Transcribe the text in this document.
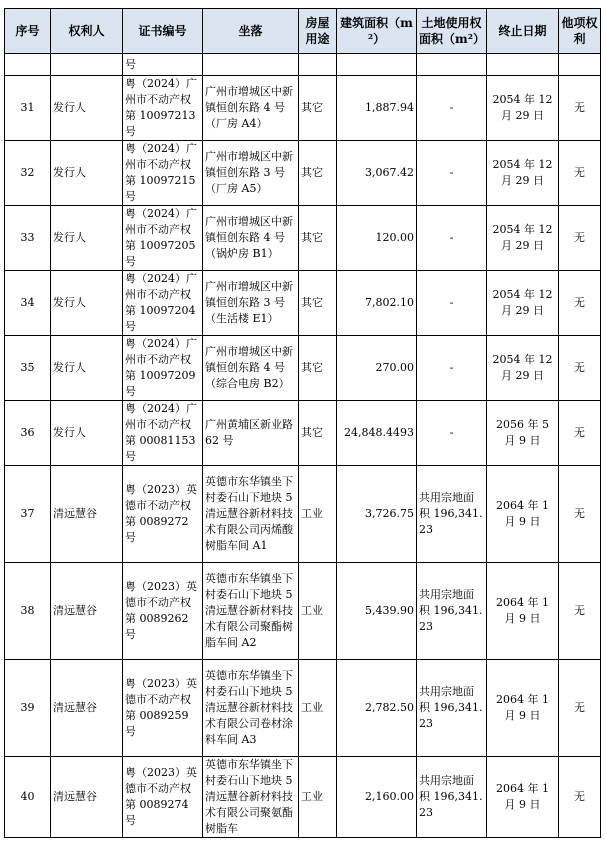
序号	权利人	证书编号	坐落	房屋用途	建筑面积（m²）	土地使用权面积（m²）	终止日期	他项权利
		号						
31	发行人	粤（2024）广州市不动产权第 10097213 号	广州市增城区中新镇恒创东路 4 号（厂房 A4）	其它	1,887.94	-	2054 年 12 月 29 日	无
32	发行人	粤（2024）广州市不动产权第 10097215 号	广州市增城区中新镇恒创东路 3 号（厂房 A5）	其它	3,067.42	-	2054 年 12 月 29 日	无
33	发行人	粤（2024）广州市不动产权第 10097205 号	广州市增城区中新镇恒创东路 4 号（锅炉房 B1）	其它	120.00	-	2054 年 12 月 29 日	无
34	发行人	粤（2024）广州市不动产权第 10097204 号	广州市增城区中新镇恒创东路 3 号（生活楼 E1）	其它	7,802.10	-	2054 年 12 月 29 日	无
35	发行人	粤（2024）广州市不动产权第 10097209 号	广州市增城区中新镇恒创东路 4 号（综合电房 B2）	其它	270.00	-	2054 年 12 月 29 日	无
36	发行人	粤（2024）广州市不动产权第 00081153 号	广州黄埔区新业路 62 号	其它	24,848.4493	-	2056 年 5 月 9 日	无
37	清远慧谷	粤（2023）英德市不动产权第 0089272 号	英德市东华镇坐下村委石山下地块 5 清远慧谷新材料技术有限公司丙烯酸树脂车间 A1	工业	3,726.75	共用宗地面积 196,341.23	2064 年 1 月 9 日	无
38	清远慧谷	粤（2023）英德市不动产权第 0089262 号	英德市东华镇坐下村委石山下地块 5 清远慧谷新材料技术有限公司聚酯树脂车间 A2	工业	5,439.90	共用宗地面积 196,341.23	2064 年 1 月 9 日	无
39	清远慧谷	粤（2023）英德市不动产权第 0089259 号	英德市东华镇坐下村委石山下地块 5 清远慧谷新材料技术有限公司卷材涂料车间 A3	工业	2,782.50	共用宗地面积 196,341.23	2064 年 1 月 9 日	无
40	清远慧谷	粤（2023）英德市不动产权第 0089274 号	英德市东华镇坐下村委石山下地块 5 清远慧谷新材料技术有限公司聚氨酯树脂车	工业	2,160.00	共用宗地面积 196,341.23	2064 年 1 月 9 日	无
